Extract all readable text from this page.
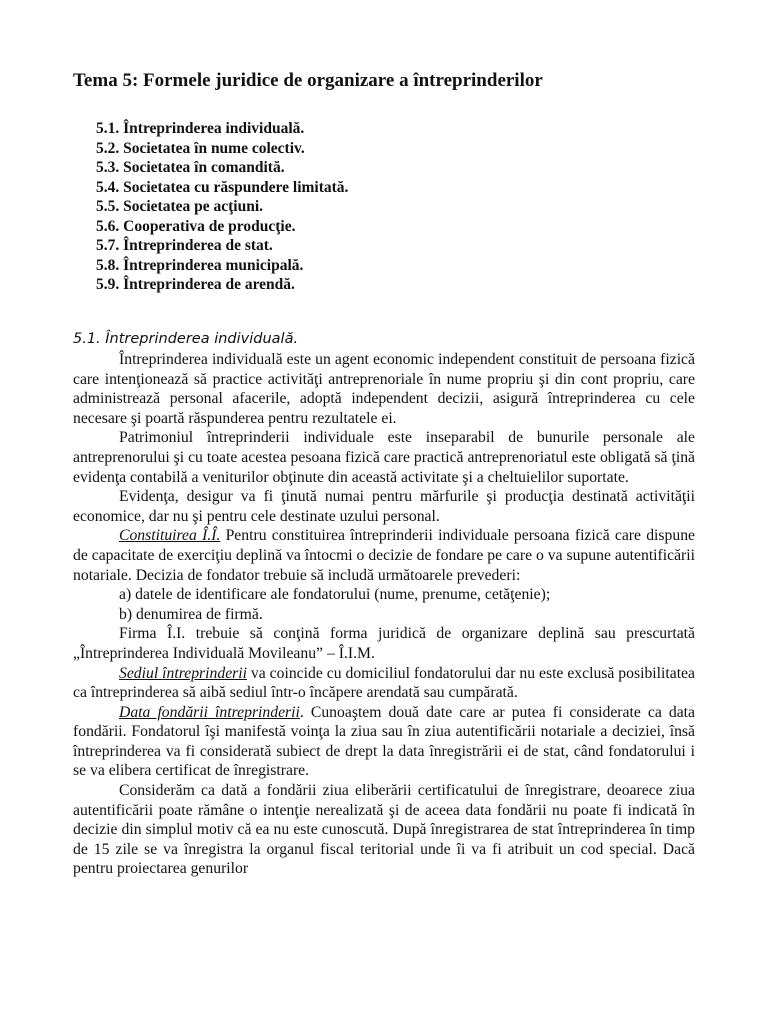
Tema 5: Formele juridice de organizare a întreprinderilor
5.1. Întreprinderea individuală.
5.2. Societatea în nume colectiv.
5.3. Societatea în comandită.
5.4. Societatea cu răspundere limitată.
5.5. Societatea pe acţiuni.
5.6. Cooperativa de producţie.
5.7. Întreprinderea de stat.
5.8. Întreprinderea municipală.
5.9. Întreprinderea de arendă.
5.1. Întreprinderea individuală.

Întreprinderea individuală este un agent economic independent constituit de persoana fizică care intenţionează să practice activităţi antreprenoriale în nume propriu şi din cont propriu, care administrează personal afacerile, adoptă independent decizii, asigură întreprinderea cu cele necesare şi poartă răspunderea pentru rezultatele ei.

Patrimoniul întreprinderii individuale este inseparabil de bunurile personale ale antreprenorului şi cu toate acestea pesoana fizică care practică antreprenoriatul este obligată să ţină evidenţa contabilă a veniturilor obţinute din această activitate şi a cheltuielilor suportate.

Evidenţa, desigur va fi ţinută numai pentru mărfurile şi producţia destinată activităţii economice, dar nu şi pentru cele destinate uzului personal.

Constituirea Î.Î. Pentru constituirea întreprinderii individuale persoana fizică care dispune de capacitate de exerciţiu deplină va întocmi o decizie de fondare pe care o va supune autentificării notariale. Decizia de fondator trebuie să includă următoarele prevederi:

a) datele de identificare ale fondatorului (nume, prenume, cetăţenie);

b) denumirea de firmă.

Firma Î.I. trebuie să conţină forma juridică de organizare deplină sau prescurtată „Întreprinderea Individuală Movileanu” – Î.I.M.

Sediul întreprinderii va coincide cu domiciliul fondatorului dar nu este exclusă posibilitatea ca întreprinderea să aibă sediul într-o încăpere arendată sau cumpărată.

Data fondării întreprinderii. Cunoaştem două date care ar putea fi considerate ca data fondării. Fondatorul îşi manifestă voinţa la ziua sau în ziua autentificării notariale a deciziei, însă întreprinderea va fi considerată subiect de drept la data înregistrării ei de stat, când fondatorului i se va elibera certificat de înregistrare.

Considerăm ca dată a fondării ziua eliberării certificatului de înregistrare, deoarece ziua autentificării poate rămâne o intenţie nerealizată şi de aceea data fondării nu poate fi indicată în decizie din simplul motiv că ea nu este cunoscută. După înregistrarea de stat întreprinderea în timp de 15 zile se va înregistra la organul fiscal teritorial unde îi va fi atribuit un cod special. Dacă pentru proiectarea genurilor
